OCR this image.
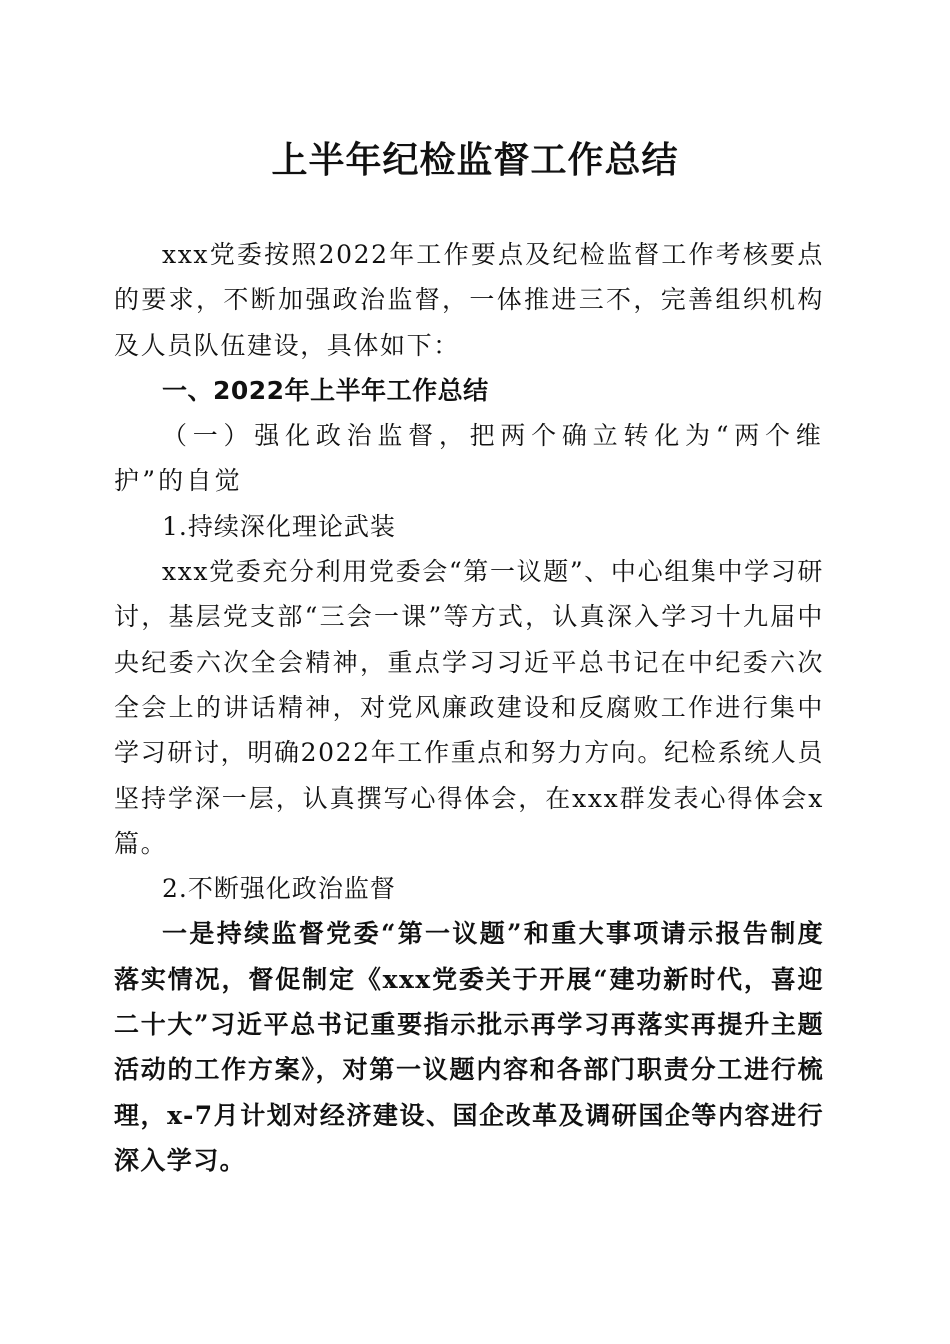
上半年纪检监督工作总结

xxx党委按照2022年工作要点及纪检监督工作考核要点的要求，不断加强政治监督，一体推进三不，完善组织机构及人员队伍建设，具体如下：

一、2022年上半年工作总结

（一）强化政治监督，把两个确立转化为“两个维护”的自觉

1.持续深化理论武装

xxx党委充分利用党委会“第一议题”、中心组集中学习研讨，基层党支部“三会一课”等方式，认真深入学习十九届中央纪委六次全会精神，重点学习习近平总书记在中纪委六次全会上的讲话精神，对党风廉政建设和反腐败工作进行集中学习研讨，明确2022年工作重点和努力方向。纪检系统人员坚持学深一层，认真撰写心得体会，在xxx群发表心得体会x篇。

2.不断强化政治监督

一是持续监督党委“第一议题”和重大事项请示报告制度落实情况，督促制定《xxx党委关于开展“建功新时代，喜迎二十大”习近平总书记重要指示批示再学习再落实再提升主题活动的工作方案》，对第一议题内容和各部门职责分工进行梳理，x-7月计划对经济建设、国企改革及调研国企等内容进行深入学习。
